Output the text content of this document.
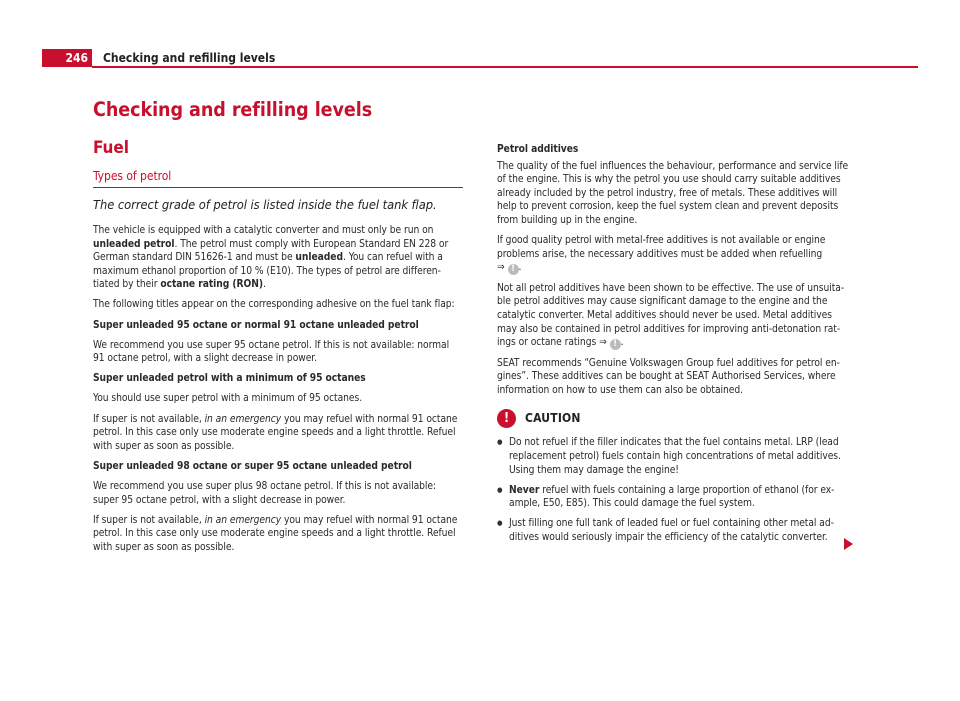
246 Checking and refilling levels
Checking and refilling levels
Fuel
Types of petrol
The correct grade of petrol is listed inside the fuel tank flap.

The vehicle is equipped with a catalytic converter and must only be run on unleaded petrol. The petrol must comply with European Standard EN 228 or German standard DIN 51626-1 and must be unleaded. You can refuel with a maximum ethanol proportion of 10 % (E10). The types of petrol are differentiated by their octane rating (RON).

The following titles appear on the corresponding adhesive on the fuel tank flap:

Super unleaded 95 octane or normal 91 octane unleaded petrol

We recommend you use super 95 octane petrol. If this is not available: normal 91 octane petrol, with a slight decrease in power.

Super unleaded petrol with a minimum of 95 octanes

You should use super petrol with a minimum of 95 octanes.

If super is not available, in an emergency you may refuel with normal 91 octane petrol. In this case only use moderate engine speeds and a light throttle. Refuel with super as soon as possible.

Super unleaded 98 octane or super 95 octane unleaded petrol

We recommend you use super plus 98 octane petrol. If this is not available: super 95 octane petrol, with a slight decrease in power.

If super is not available, in an emergency you may refuel with normal 91 octane petrol. In this case only use moderate engine speeds and a light throttle. Refuel with super as soon as possible.

Petrol additives

The quality of the fuel influences the behaviour, performance and service life of the engine. This is why the petrol you use should carry suitable additives already included by the petrol industry, free of metals. These additives will help to prevent corrosion, keep the fuel system clean and prevent deposits from building up in the engine.

If good quality petrol with metal-free additives is not available or engine problems arise, the necessary additives must be added when refuelling
⇒ ! .

Not all petrol additives have been shown to be effective. The use of unsuitable petrol additives may cause significant damage to the engine and the catalytic converter. Metal additives should never be used. Metal additives may also be contained in petrol additives for improving anti-detonation ratings or octane ratings ⇒ ! .

SEAT recommends “Genuine Volkswagen Group fuel additives for petrol engines”. These additives can be bought at SEAT Authorised Services, where information on how to use them can also be obtained.

!	CAUTION

● Do not refuel if the filler indicates that the fuel contains metal. LRP (lead replacement petrol) fuels contain high concentrations of metal additives. Using them may damage the engine!

● Never refuel with fuels containing a large proportion of ethanol (for example, E50, E85). This could damage the fuel system.

● Just filling one full tank of leaded fuel or fuel containing other metal additives would seriously impair the efficiency of the catalytic converter.
